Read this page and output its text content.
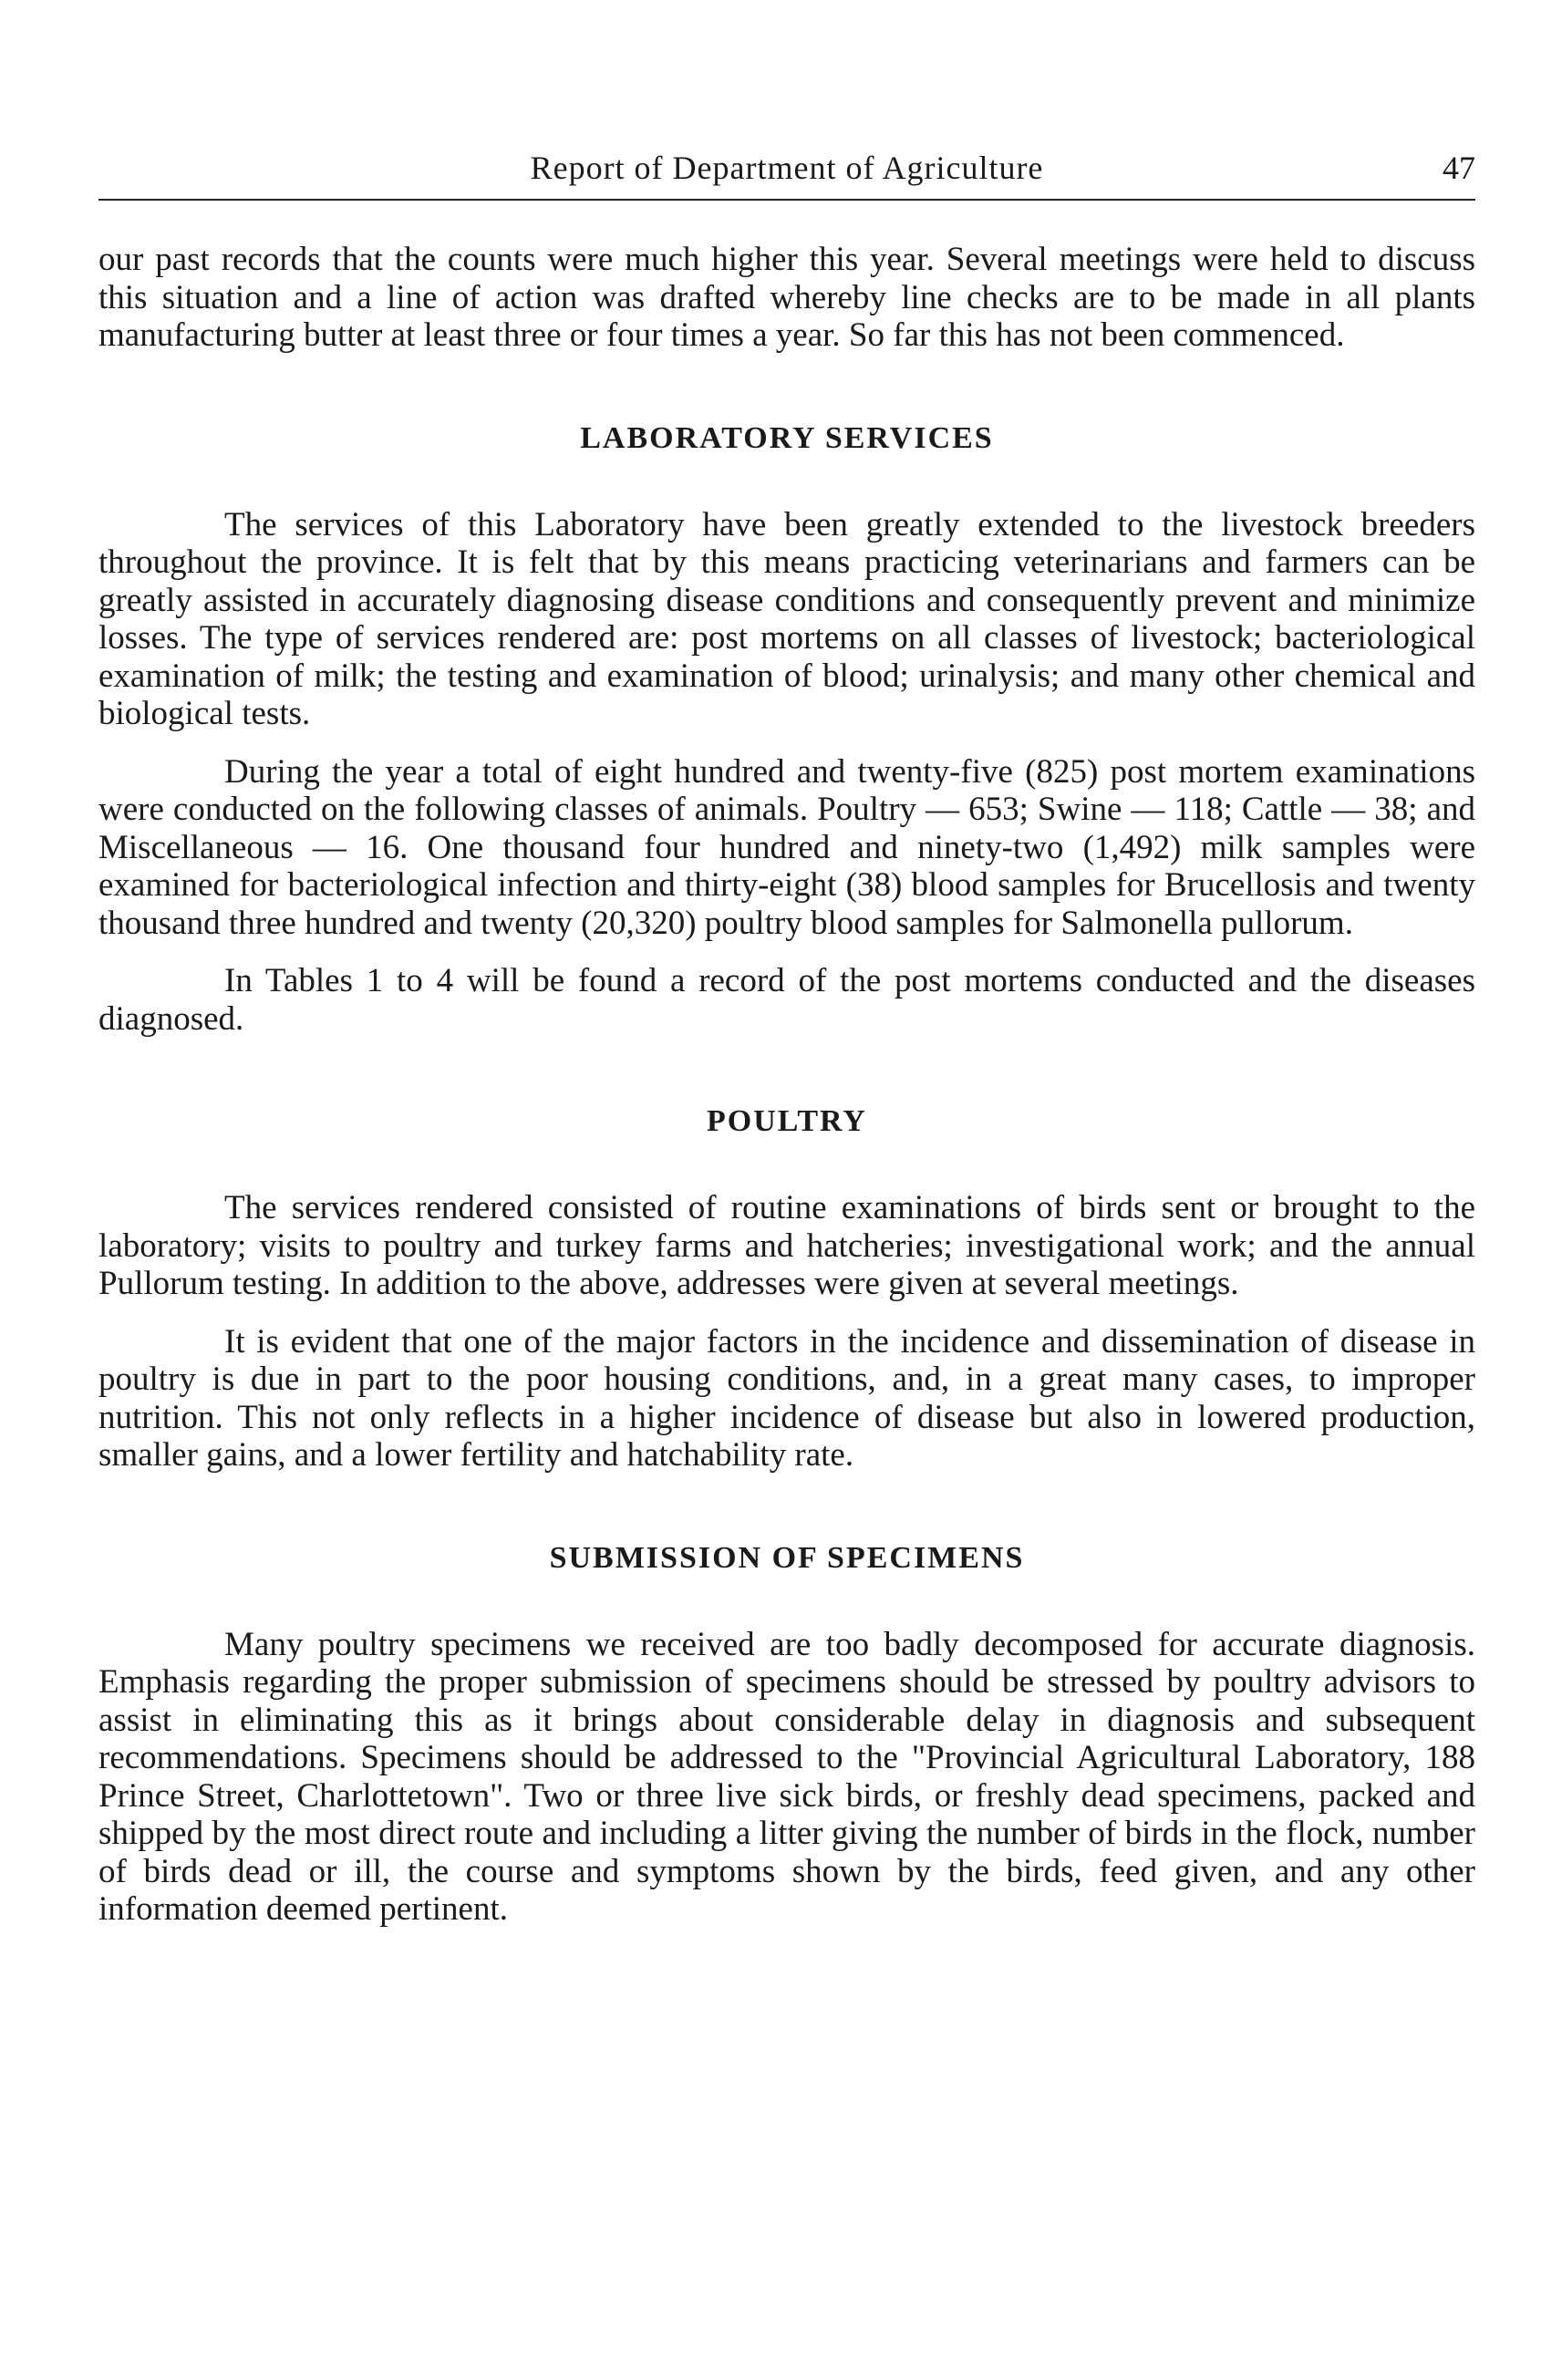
Report of Department of Agriculture	47

our past records that the counts were much higher this year. Several meetings were held to discuss this situation and a line of action was drafted whereby line checks are to be made in all plants manufacturing butter at least three or four times a year. So far this has not been commenced.

LABORATORY SERVICES

The services of this Laboratory have been greatly extended to the livestock breeders throughout the province. It is felt that by this means practicing veterinarians and farmers can be greatly assisted in accurately diagnosing disease conditions and consequently prevent and minimize losses. The type of services rendered are: post mortems on all classes of livestock; bacteriological examination of milk; the testing and examination of blood; urinalysis; and many other chemical and biological tests.

During the year a total of eight hundred and twenty-five (825) post mortem examinations were conducted on the following classes of animals. Poultry — 653; Swine — 118; Cattle — 38; and Miscellaneous — 16. One thousand four hundred and ninety-two (1,492) milk samples were examined for bacteriological infection and thirty-eight (38) blood samples for Brucellosis and twenty thousand three hundred and twenty (20,320) poultry blood samples for Salmonella pullorum.

In Tables 1 to 4 will be found a record of the post mortems conducted and the diseases diagnosed.

POULTRY

The services rendered consisted of routine examinations of birds sent or brought to the laboratory; visits to poultry and turkey farms and hatcheries; investigational work; and the annual Pullorum testing. In addition to the above, addresses were given at several meetings.

It is evident that one of the major factors in the incidence and dissemination of disease in poultry is due in part to the poor housing conditions, and, in a great many cases, to improper nutrition. This not only reflects in a higher incidence of disease but also in lowered production, smaller gains, and a lower fertility and hatchability rate.

SUBMISSION OF SPECIMENS

Many poultry specimens we received are too badly decomposed for accurate diagnosis. Emphasis regarding the proper submission of specimens should be stressed by poultry advisors to assist in eliminating this as it brings about considerable delay in diagnosis and subsequent recommendations. Specimens should be addressed to the "Provincial Agricultural Laboratory, 188 Prince Street, Charlottetown". Two or three live sick birds, or freshly dead specimens, packed and shipped by the most direct route and including a litter giving the number of birds in the flock, number of birds dead or ill, the course and symptoms shown by the birds, feed given, and any other information deemed pertinent.
